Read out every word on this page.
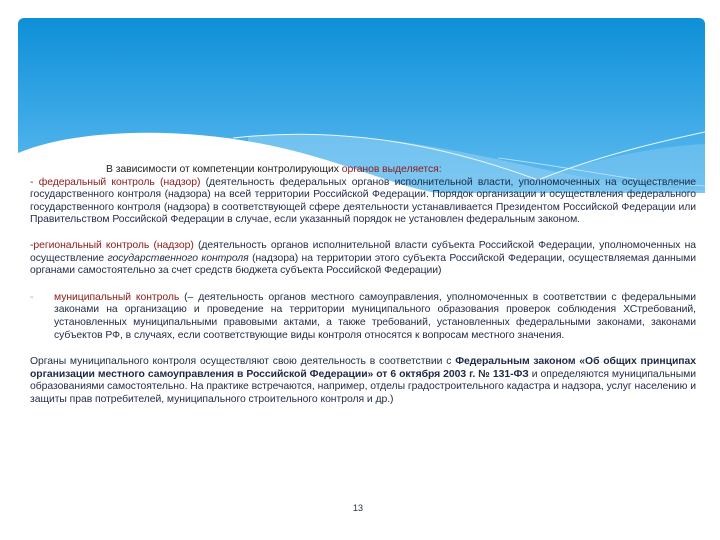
В зависимости от компетенции контролирующих органов выделяется:

- федеральный контроль (надзор) (деятельность федеральных органов исполнительной власти, уполномоченных на осуществление государственного контроля (надзора) на всей территории Российской Федерации. Порядок организации и осуществления федерального государственного контроля (надзора) в соответствующей сфере деятельности устанавливается Президентом Российской Федерации или Правительством Российской Федерации в случае, если указанный порядок не установлен федеральным законом.

-региональный контроль (надзор) (деятельность органов исполнительной власти субъекта Российской Федерации, уполномоченных на осуществление государственного контроля (надзора) на территории этого субъекта Российской Федерации, осуществляемая данными органами самостоятельно за счет средств бюджета субъекта Российской Федерации)

- муниципальный контроль (– деятельность органов местного самоуправления, уполномоченных в соответствии с федеральными законами на организацию и проведение на территории муниципального образования проверок соблюдения ХСтребований, установленных муниципальными правовыми актами, а также требований, установленных федеральными законами, законами субъектов РФ, в случаях, если соответствующие виды контроля относятся к вопросам местного значения.

Органы муниципального контроля осуществляют свою деятельность в соответствии с Федеральным законом «Об общих принципах организации местного самоуправления в Российской Федерации» от 6 октября 2003 г. № 131-ФЗ и определяются муниципальными образованиями самостоятельно. На практике встречаются, например, отделы градостроительного кадастра и надзора, услуг населению и защиты прав потребителей, муниципального строительного контроля и др.)

13
